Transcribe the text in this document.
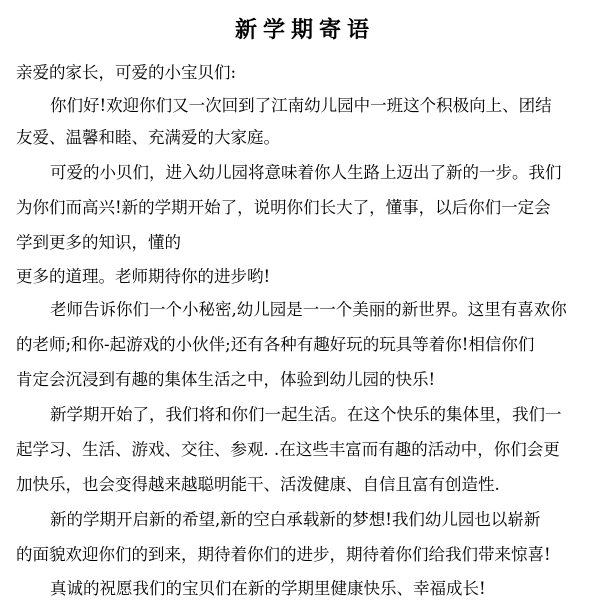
新学期寄语
亲爱的家长，可爱的小宝贝们:
你们好!欢迎你们又一次回到了江南幼儿园中一班这个积极向上、团结
友爱、温馨和睦、充满爱的大家庭。
可爱的小贝们，进入幼儿园将意味着你人生路上迈出了新的一步。我们
为你们而高兴!新的学期开始了，说明你们长大了，懂事，以后你们一定会
学到更多的知识，懂的
更多的道理。老师期待你的进步哟!
老师告诉你们一个小秘密,幼儿园是一一个美丽的新世界。这里有喜欢你
的老师;和你-起游戏的小伙伴;还有各种有趣好玩的玩具等着你!相信你们
肯定会沉浸到有趣的集体生活之中，体验到幼儿园的快乐!
新学期开始了，我们将和你们一起生活。在这个快乐的集体里，我们一
起学习、生活、游戏、交往、参观. .在这些丰富而有趣的活动中，你们会更
加快乐，也会变得越来越聪明能干、活泼健康、自信且富有创造性.
新的学期开启新的希望,新的空白承载新的梦想!我们幼儿园也以崭新
的面貌欢迎你们的到来，期待着你们的进步，期待着你们给我们带来惊喜!
真诚的祝愿我们的宝贝们在新的学期里健康快乐、幸福成长!
